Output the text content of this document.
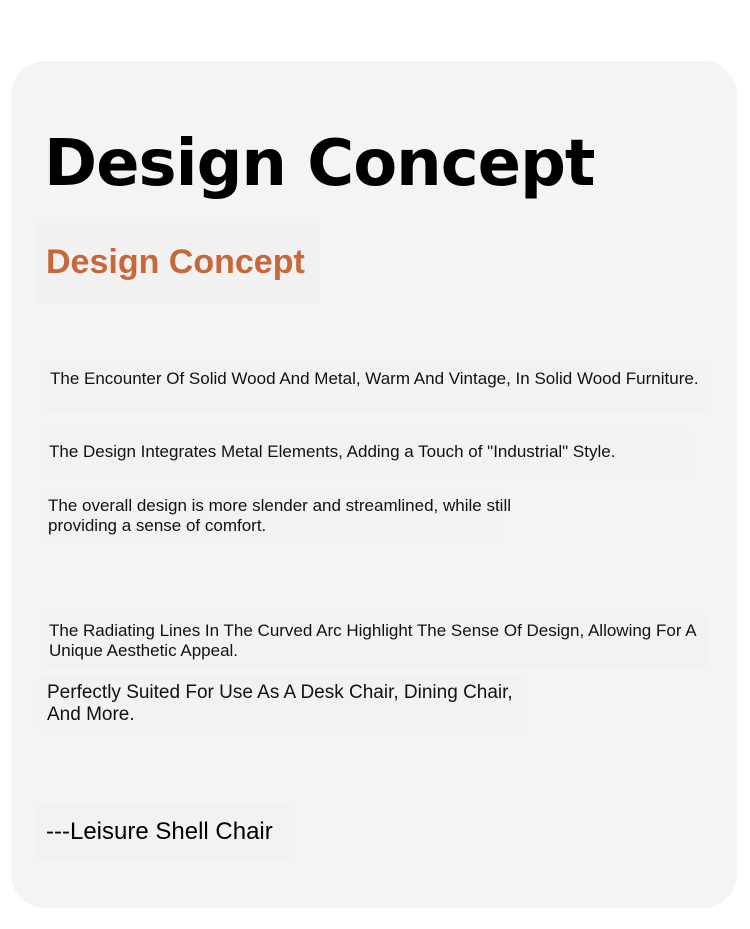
Design Concept
Design Concept

The Encounter Of Solid Wood And Metal, Warm And Vintage, In Solid Wood Furniture.

The Design Integrates Metal Elements, Adding a Touch of "Industrial" Style.

The overall design is more slender and streamlined, while still providing a sense of comfort.

The Radiating Lines In The Curved Arc Highlight The Sense Of Design, Allowing For A Unique Aesthetic Appeal.

Perfectly Suited For Use As A Desk Chair, Dining Chair, And More.

---Leisure Shell Chair
